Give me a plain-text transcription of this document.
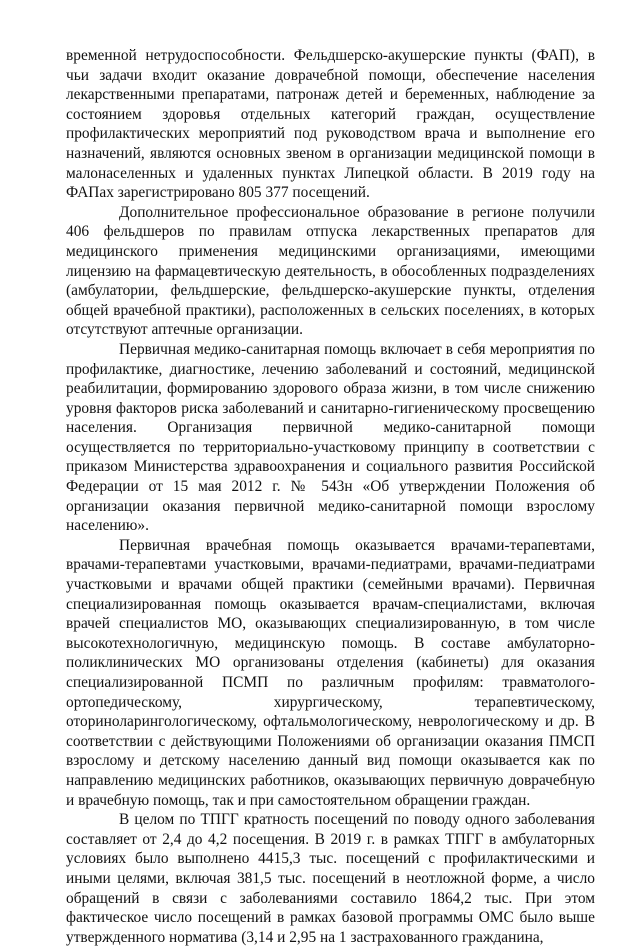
временной нетрудоспособности. Фельдшерско-акушерские пункты (ФАП), в чьи задачи входит оказание доврачебной помощи, обеспечение населения лекарственными препаратами, патронаж детей и беременных, наблюдение за состоянием здоровья отдельных категорий граждан, осуществление профилактических мероприятий под руководством врача и выполнение его назначений, являются основных звеном в организации медицинской помощи в малонаселенных и удаленных пунктах Липецкой области. В 2019 году на ФАПах зарегистрировано 805 377 посещений.

Дополнительное профессиональное образование в регионе получили 406 фельдшеров по правилам отпуска лекарственных препаратов для медицинского применения медицинскими организациями, имеющими лицензию на фармацевтическую деятельность, в обособленных подразделениях (амбулатории, фельдшерские, фельдшерско-акушерские пункты, отделения общей врачебной практики), расположенных в сельских поселениях, в которых отсутствуют аптечные организации.

Первичная медико-санитарная помощь включает в себя мероприятия по профилактике, диагностике, лечению заболеваний и состояний, медицинской реабилитации, формированию здорового образа жизни, в том числе снижению уровня факторов риска заболеваний и санитарно-гигиеническому просвещению населения. Организация первичной медико-санитарной помощи осуществляется по территориально-участковому принципу в соответствии с приказом Министерства здравоохранения и социального развития Российской Федерации от 15 мая 2012 г. № 543н «Об утверждении Положения об организации оказания первичной медико-санитарной помощи взрослому населению».

Первичная врачебная помощь оказывается врачами-терапевтами, врачами-терапевтами участковыми, врачами-педиатрами, врачами-педиатрами участковыми и врачами общей практики (семейными врачами). Первичная специализированная помощь оказывается врачам-специалистами, включая врачей специалистов МО, оказывающих специализированную, в том числе высокотехнологичную, медицинскую помощь. В составе амбулаторно-поликлинических МО организованы отделения (кабинеты) для оказания специализированной ПСМП по различным профилям: травматолого-ортопедическому, хирургическому, терапевтическому, оториноларингологическому, офтальмологическому, неврологическому и др. В соответствии с действующими Положениями об организации оказания ПМСП взрослому и детскому населению данный вид помощи оказывается как по направлению медицинских работников, оказывающих первичную доврачебную и врачебную помощь, так и при самостоятельном обращении граждан.

В целом по ТПГГ кратность посещений по поводу одного заболевания составляет от 2,4 до 4,2 посещения. В 2019 г. в рамках ТПГГ в амбулаторных условиях было выполнено 4415,3 тыс. посещений с профилактическими и иными целями, включая 381,5 тыс. посещений в неотложной форме, а число обращений в связи с заболеваниями составило 1864,2 тыс. При этом фактическое число посещений в рамках базовой программы ОМС было выше утвержденного норматива (3,14 и 2,95 на 1 застрахованного гражданина,
